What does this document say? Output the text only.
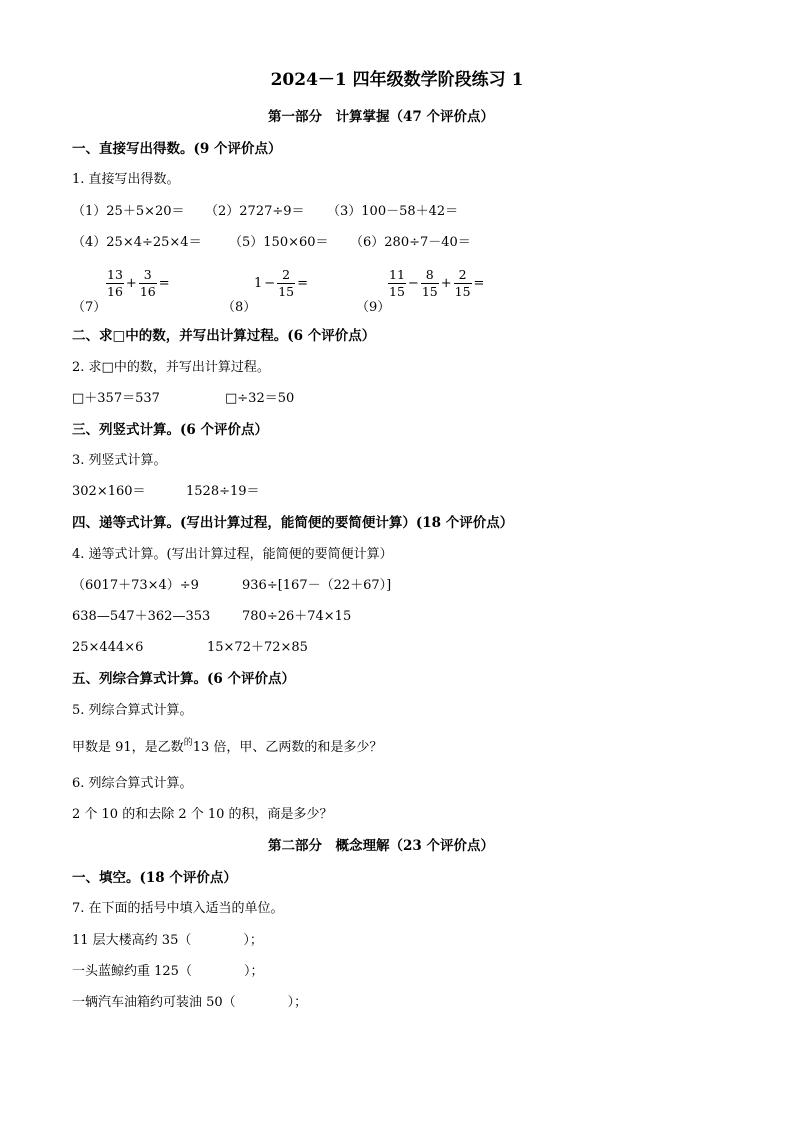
2024－1 四年级数学阶段练习 1
第一部分　计算掌握（47 个评价点）
一、直接写出得数。(9 个评价点）
1. 直接写出得数。
（1）25＋5×20＝ （2）2727÷9＝ （3）100－58＋42＝
（4）25×4÷25×4＝ （5）150×60＝ （6）280÷7－40＝
（7）
$\frac{13}{16} + \frac{3}{16}$ =
（8）
$1 - \frac{2}{15}$ =
（9）
$\frac{11}{15} - \frac{8}{15} + \frac{2}{15}$ =
二、求□中的数，并写出计算过程。(6 个评价点）
2. 求□中的数，并写出计算过程。
□＋357＝537	□÷32＝50
三、列竖式计算。(6 个评价点）
3. 列竖式计算。
302×160＝	1528÷19＝
四、递等式计算。(写出计算过程，能简便的要简便计算）(18 个评价点）
4. 递等式计算。(写出计算过程，能简便的要简便计算）
（6017＋73×4）÷9	936÷[167－（22＋67）]
638—547＋362—353 780÷26＋74×15
25×444×6	15×72＋72×85
五、列综合算式计算。(6 个评价点）
5. 列综合算式计算。
甲数是 91，是乙数$^的$13 倍，甲、乙两数的和是多少？
6. 列综合算式计算。
2 个 10 的和去除 2 个 10 的积，商是多少？
第二部分　概念理解（23 个评价点）
一、填空。(18 个评价点）
7. 在下面的括号中填入适当的单位。
11 层大楼高约 35（　　　　）；
一头蓝鲸约重 125（　　　　）；
一辆汽车油箱约可装油 50（　　　　）；
